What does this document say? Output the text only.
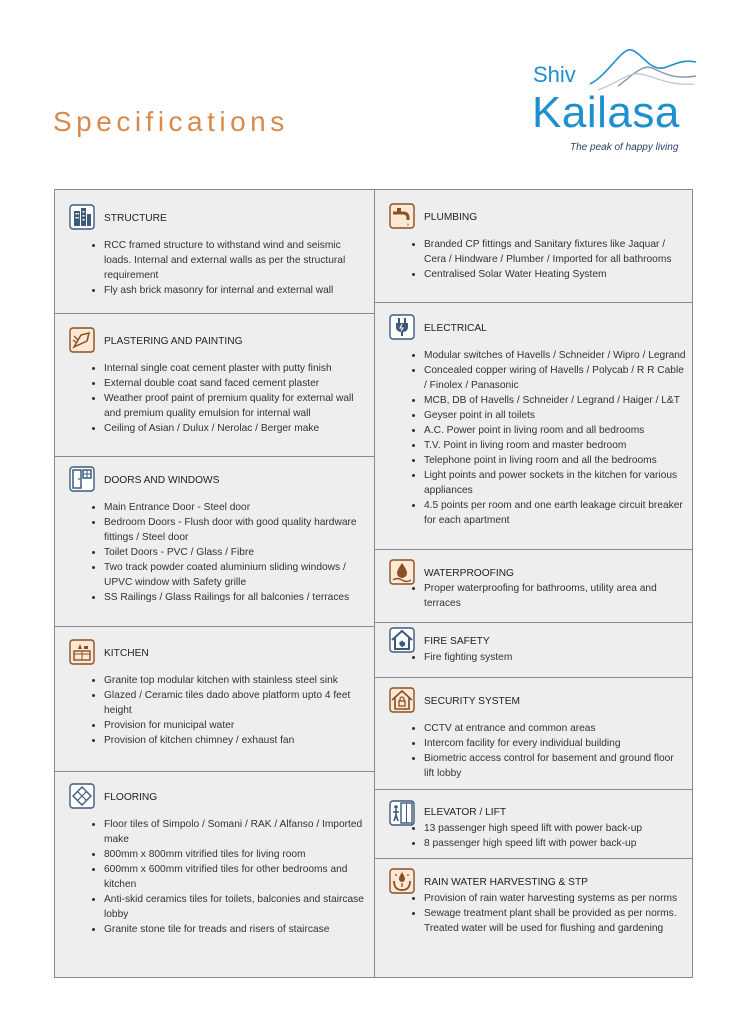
Specifications
Shiv
Kailasa
The peak of happy living
STRUCTURE
• RCC framed structure to withstand wind and seismic loads. Internal and external walls as per the structural requirement
• Fly ash brick masonry for internal and external wall
PLASTERING AND PAINTING
• Internal single coat cement plaster with putty finish
• External double coat sand faced cement plaster
• Weather proof paint of premium quality for external wall and premium quality emulsion for internal wall
• Ceiling of Asian / Dulux / Nerolac / Berger make
DOORS AND WINDOWS
• Main Entrance Door - Steel door
• Bedroom Doors - Flush door with good quality hardware fittings / Steel door
• Toilet Doors - PVC / Glass / Fibre
• Two track powder coated aluminium sliding windows / UPVC window with Safety grille
• SS Railings / Glass Railings for all balconies / terraces
KITCHEN
• Granite top modular kitchen with stainless steel sink
• Glazed / Ceramic tiles dado above platform upto 4 feet height
• Provision for municipal water
• Provision of kitchen chimney / exhaust fan
FLOORING
• Floor tiles of Simpolo / Somani / RAK / Alfanso / Imported make
• 800mm x 800mm vitrified tiles for living room
• 600mm x 600mm vitrified tiles for other bedrooms and kitchen
• Anti-skid ceramics tiles for toilets, balconies and staircase lobby
• Granite stone tile for treads and risers of staircase
PLUMBING
• Branded CP fittings and Sanitary fixtures like Jaquar / Cera / Hindware / Plumber / Imported for all bathrooms
• Centralised Solar Water Heating System
ELECTRICAL
• Modular switches of Havells / Schneider / Wipro / Legrand
• Concealed copper wiring of Havells / Polycab / R R Cable / Finolex / Panasonic
• MCB, DB of Havells / Schneider / Legrand / Haiger / L&T
• Geyser point in all toilets
• A.C. Power point in living room and all bedrooms
• T.V. Point in living room and master bedroom
• Telephone point in living room and all the bedrooms
• Light points and power sockets in the kitchen for various appliances
• 4.5 points per room and one earth leakage circuit breaker for each apartment
WATERPROOFING
• Proper waterproofing for bathrooms, utility area and terraces
FIRE SAFETY
• Fire fighting system
SECURITY SYSTEM
• CCTV at entrance and common areas
• Intercom facility for every individual building
• Biometric access control for basement and ground floor lift lobby
ELEVATOR / LIFT
• 13 passenger high speed lift with power back-up
• 8 passenger high speed lift with power back-up
RAIN WATER HARVESTING & STP
• Provision of rain water harvesting systems as per norms
• Sewage treatment plant shall be provided as per norms. Treated water will be used for flushing and gardening
